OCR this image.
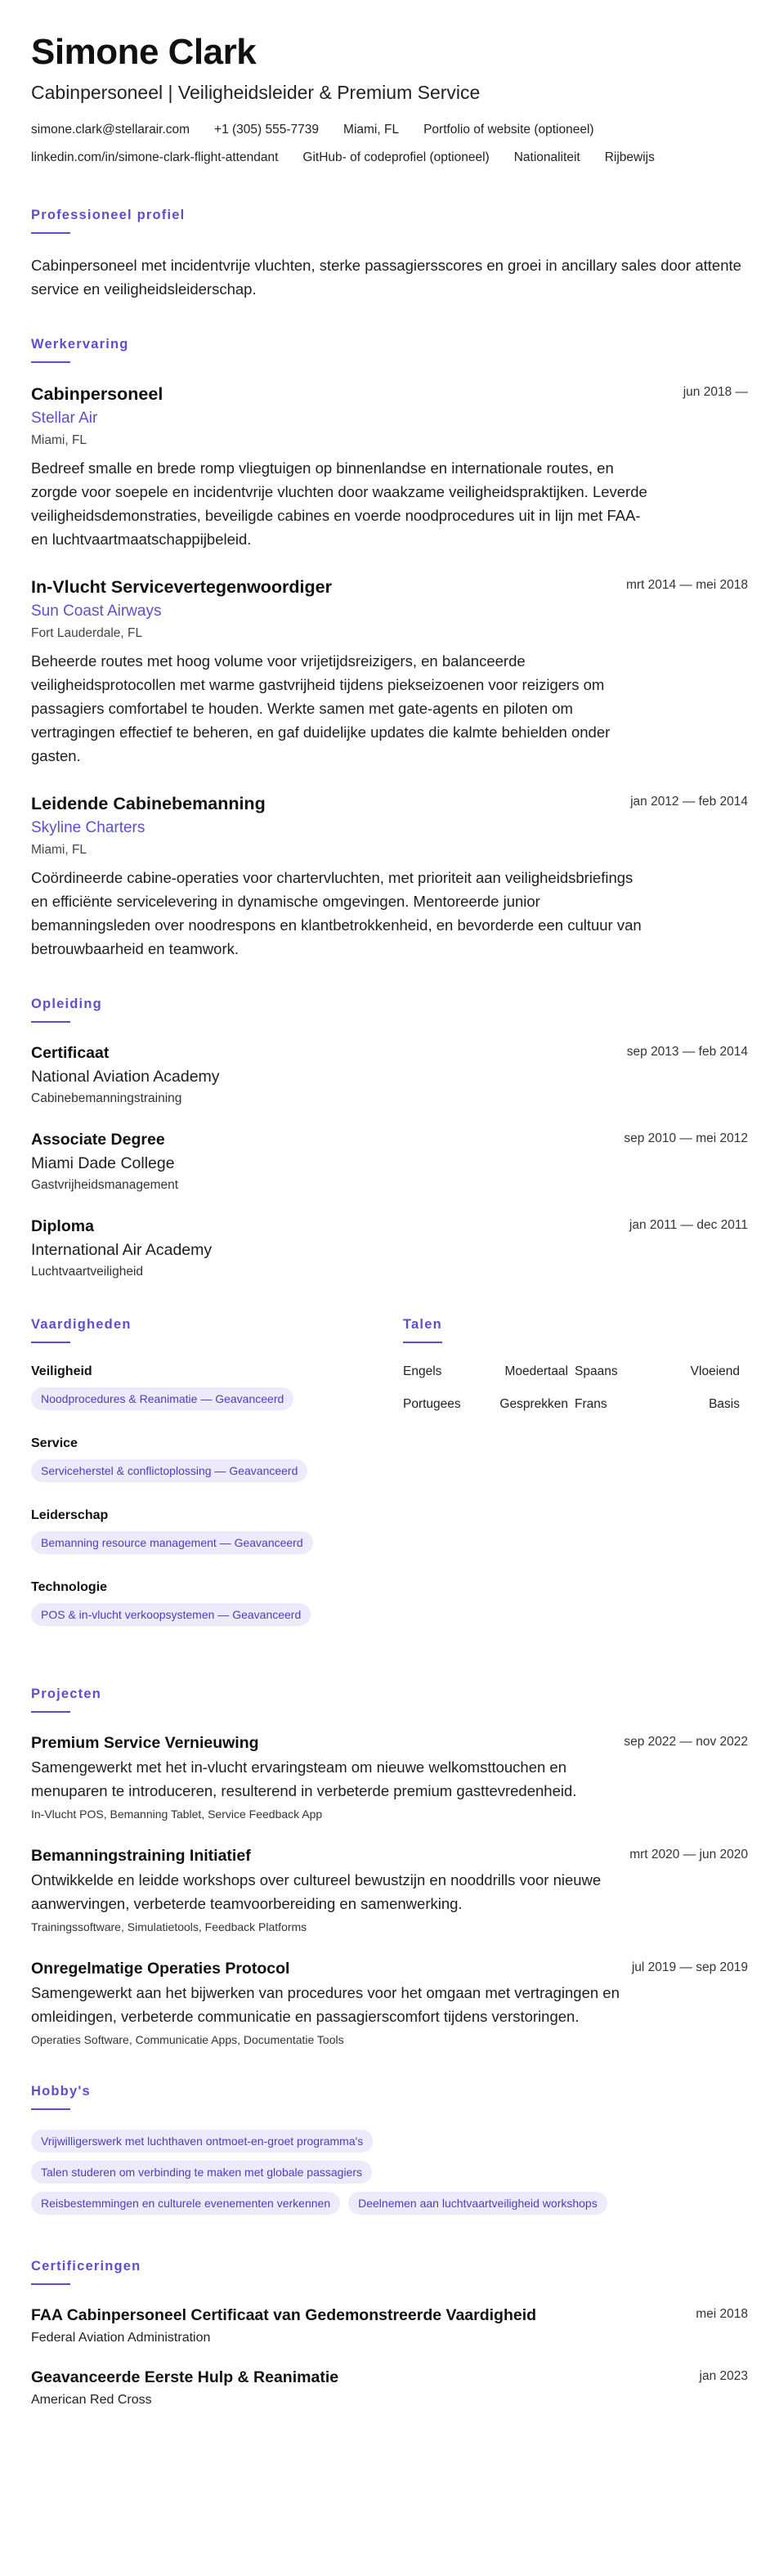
Simone Clark
Cabinpersoneel | Veiligheidsleider & Premium Service
simone.clark@stellarair.com +1 (305) 555-7739 Miami, FL Portfolio of website (optioneel)
linkedin.com/in/simone-clark-flight-attendant GitHub- of codeprofiel (optioneel) Nationaliteit Rijbewijs
Professioneel profiel
Cabinpersoneel met incidentvrije vluchten, sterke passagiersscores en groei in ancillary sales door attente service en veiligheidsleiderschap.
Werkervaring
Cabinpersoneel	jun 2018 —
Stellar Air
Miami, FL
Bedreef smalle en brede romp vliegtuigen op binnenlandse en internationale routes, en zorgde voor soepele en incidentvrije vluchten door waakzame veiligheidspraktijken. Leverde veiligheidsdemonstraties, beveiligde cabines en voerde noodprocedures uit in lijn met FAA- en luchtvaartmaatschappijbeleid.
In-Vlucht Servicevertegenwoordiger	mrt 2014 — mei 2018
Sun Coast Airways
Fort Lauderdale, FL
Beheerde routes met hoog volume voor vrijetijdsreizigers, en balanceerde veiligheidsprotocollen met warme gastvrijheid tijdens piekseizoenen voor reizigers om passagiers comfortabel te houden. Werkte samen met gate-agents en piloten om vertragingen effectief te beheren, en gaf duidelijke updates die kalmte behielden onder gasten.
Leidende Cabinebemanning	jan 2012 — feb 2014
Skyline Charters
Miami, FL
Coördineerde cabine-operaties voor chartervluchten, met prioriteit aan veiligheidsbriefings en efficiënte servicelevering in dynamische omgevingen. Mentoreerde junior bemanningsleden over noodrespons en klantbetrokkenheid, en bevorderde een cultuur van betrouwbaarheid en teamwork.
Opleiding
Certificaat	sep 2013 — feb 2014
National Aviation Academy
Cabinebemanningstraining
Associate Degree	sep 2010 — mei 2012
Miami Dade College
Gastvrijheidsmanagement
Diploma	jan 2011 — dec 2011
International Air Academy
Luchtvaartveiligheid
Vaardigheden
Veiligheid
Noodprocedures & Reanimatie — Geavanceerd
Service
Serviceherstel & conflictoplossing — Geavanceerd
Leiderschap
Bemanning resource management — Geavanceerd
Technologie
POS & in-vlucht verkoopsystemen — Geavanceerd
Talen
Engels	Moedertaal Spaans	Vloeiend
Portugees	Gesprekken Frans	Basis
Projecten
Premium Service Vernieuwing	sep 2022 — nov 2022
Samengewerkt met het in-vlucht ervaringsteam om nieuwe welkomsttouchen en menuparen te introduceren, resulterend in verbeterde premium gasttevredenheid.
In-Vlucht POS, Bemanning Tablet, Service Feedback App
Bemanningstraining Initiatief	mrt 2020 — jun 2020
Ontwikkelde en leidde workshops over cultureel bewustzijn en nooddrills voor nieuwe aanwervingen, verbeterde teamvoorbereiding en samenwerking.
Trainingssoftware, Simulatietools, Feedback Platforms
Onregelmatige Operaties Protocol	jul 2019 — sep 2019
Samengewerkt aan het bijwerken van procedures voor het omgaan met vertragingen en omleidingen, verbeterde communicatie en passagierscomfort tijdens verstoringen.
Operaties Software, Communicatie Apps, Documentatie Tools
Hobby's
Vrijwilligerswerk met luchthaven ontmoet-en-groet programma's
Talen studeren om verbinding te maken met globale passagiers
Reisbestemmingen en culturele evenementen verkennen	Deelnemen aan luchtvaartveiligheid workshops
Certificeringen
FAA Cabinpersoneel Certificaat van Gedemonstreerde Vaardigheid	mei 2018
Federal Aviation Administration
Geavanceerde Eerste Hulp & Reanimatie	jan 2023
American Red Cross
